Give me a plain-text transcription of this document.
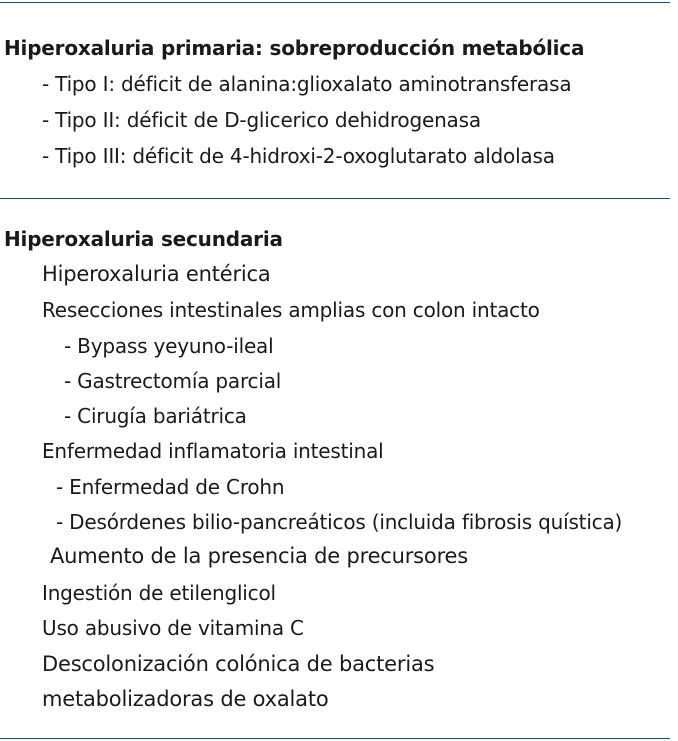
Hiperoxaluria primaria: sobreproducción metabólica
- Tipo I: déficit de alanina:glioxalato aminotransferasa
- Tipo II: déficit de D-glicerico dehidrogenasa
- Tipo III: déficit de 4-hidroxi-2-oxoglutarato aldolasa
Hiperoxaluria secundaria
Hiperoxaluria entérica
Resecciones intestinales amplias con colon intacto
- Bypass yeyuno-ileal
- Gastrectomía parcial
- Cirugía bariátrica
Enfermedad inflamatoria intestinal
- Enfermedad de Crohn
- Desórdenes bilio-pancreáticos (incluida fibrosis quística)
Aumento de la presencia de precursores
Ingestión de etilenglicol
Uso abusivo de vitamina C
Descolonización colónica de bacterias
metabolizadoras de oxalato
